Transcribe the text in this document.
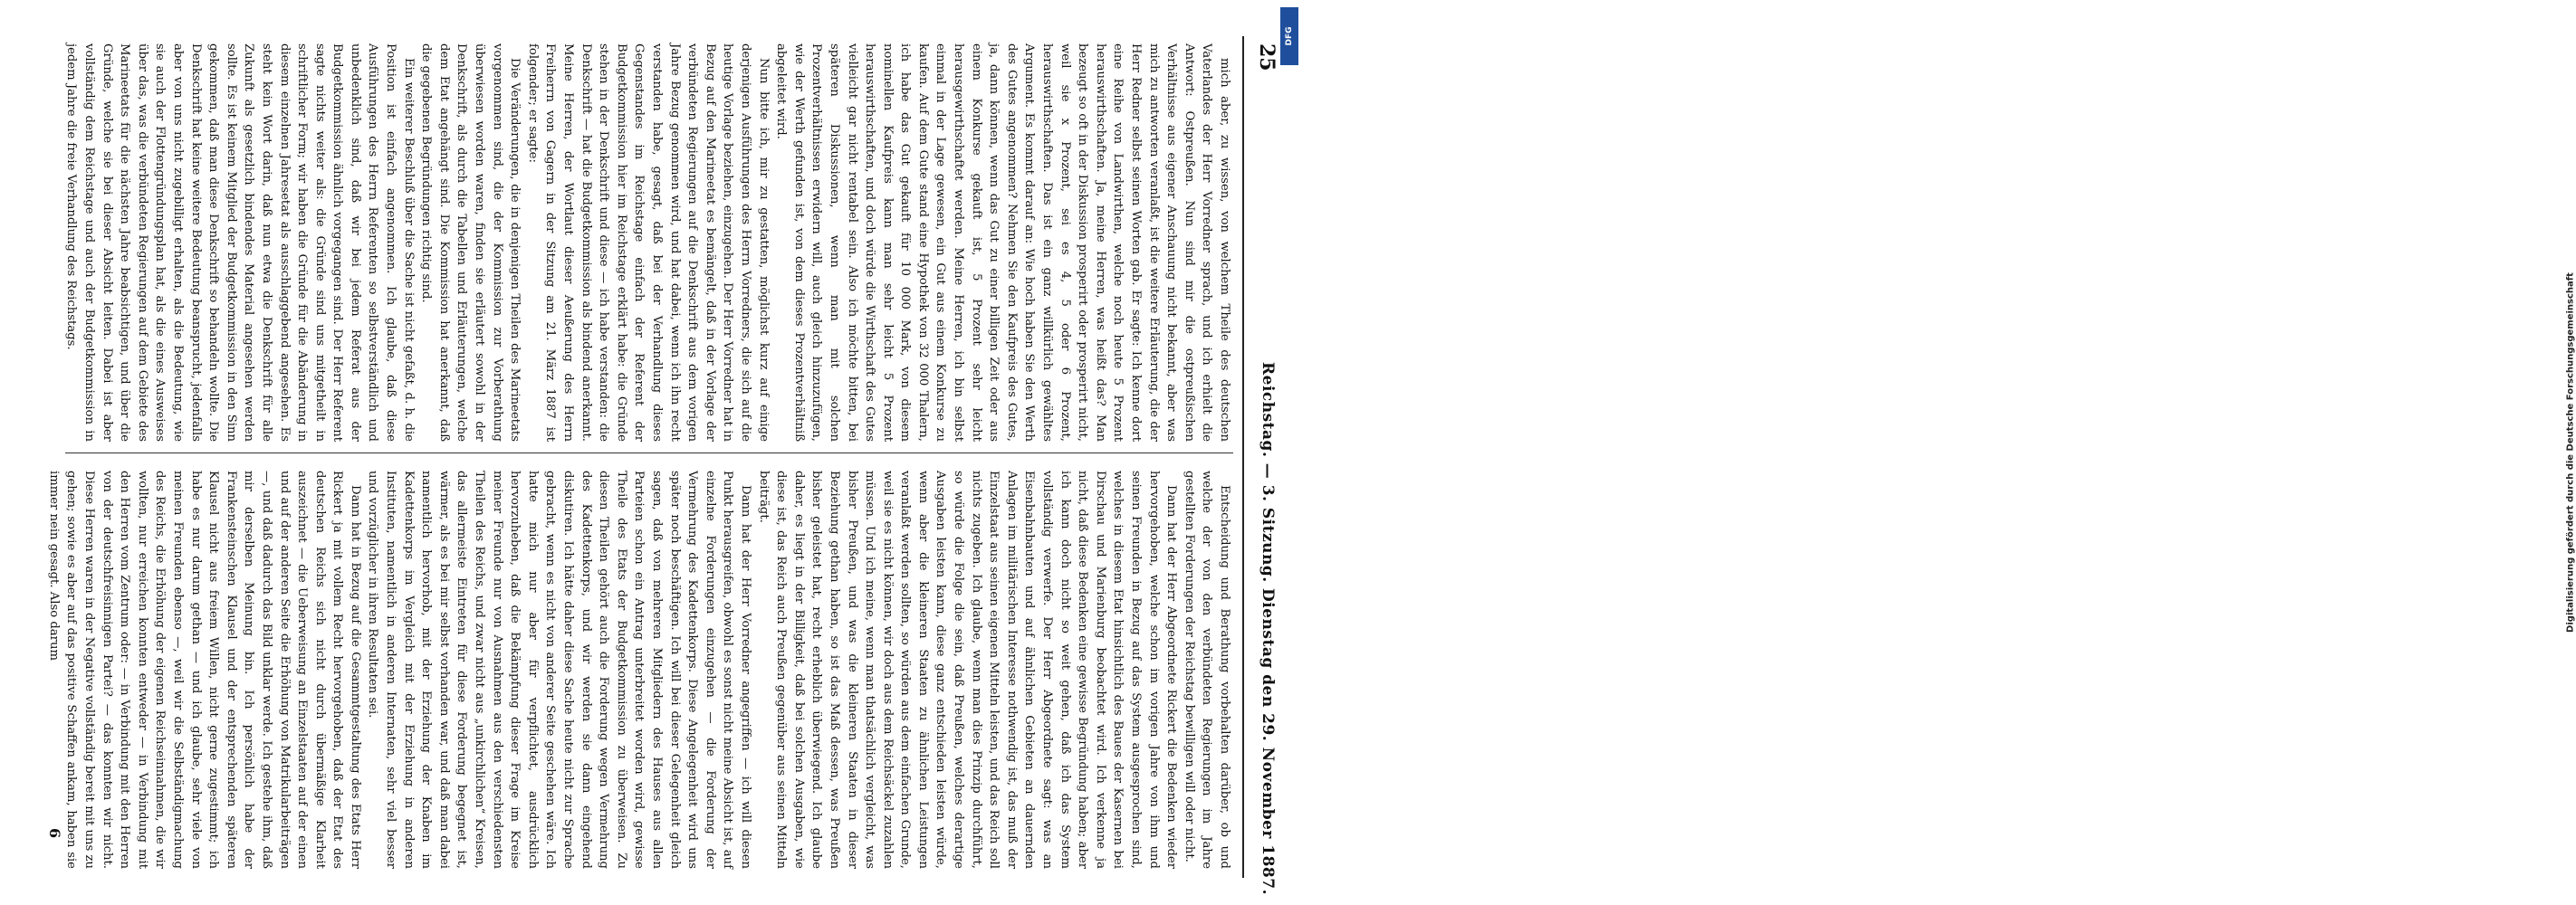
25
Reichstag. — 3. Sitzung. Dienstag den 29. November 1887.

mich aber, zu wissen, von welchem Theile des deutschen Vaterlandes der Herr Vorredner sprach, und ich erhielt die Antwort: Ostpreußen. Nun sind mir die ostpreußischen Verhältnisse aus eigener Anschauung nicht bekannt, aber was mich zu antworten veranlaßt, ist die weitere Erläuterung, die der Herr Redner selbst seinen Worten gab. Er sagte: Ich kenne dort eine Reihe von Landwirthen, welche noch heute 5 Prozent herauswirthschaften. Ja, meine Herren, was heißt das? Man bezeugt so oft in der Diskussion prosperirt oder prosperirt nicht, weil sie x Prozent, sei es 4, 5 oder 6 Prozent, herauswirthschaften. Das ist ein ganz willkürlich gewähltes Argument. Es kommt darauf an: Wie hoch haben Sie den Werth des Gutes angenommen? Nehmen Sie den Kaufpreis des Gutes, ja, dann können, wenn das Gut zu einer billigen Zeit oder aus einem Konkurse gekauft ist, 5 Prozent sehr leicht herausgewirthschaftet werden. Meine Herren, ich bin selbst einmal in der Lage gewesen, ein Gut aus einem Konkurse zu kaufen. Auf dem Gute stand eine Hypothek von 32 000 Thalern, ich habe das Gut gekauft für 10 000 Mark, von diesem nominellen Kaufpreis kann man sehr leicht 5 Prozent herauswirthschaften, und doch würde die Wirthschaft des Gutes vielleicht gar nicht rentabel sein. Also ich möchte bitten, bei späteren Diskussionen, wenn man mit solchen Prozentverhältnissen erwidern will, auch gleich hinzuzufügen, wie der Werth gefunden ist, von dem dieses Prozentverhältniß abgeleitet wird.

Nun bitte ich, mir zu gestatten, möglichst kurz auf einige derjenigen Ausführungen des Herrn Vorredners, die sich auf die heutige Vorlage beziehen, einzugehen. Der Herr Vorredner hat in Bezug auf den Marineetat es bemängelt, daß in der Vorlage der verbündeten Regierungen auf die Denkschrift aus dem vorigen Jahre Bezug genommen wird, und hat dabei, wenn ich ihn recht verstanden habe, gesagt, daß bei der Verhandlung dieses Gegenstandes im Reichstage einfach der Referent der Budgetkommission hier im Reichstage erklärt habe: die Gründe stehen in der Denkschrift und diese — ich habe verstanden: die Denkschrift — hat die Budgetkommission als bindend anerkannt. Meine Herren, der Wortlaut dieser Aeußerung des Herrn Freiherrn von Gagern in der Sitzung am 21. März 1887 ist folgender; er sagte:

Die Veränderungen, die in denjenigen Theilen des Marineetats vorgenommen sind, die der Kommission zur Vorberathung überwiesen worden waren, finden sie erläutert sowohl in der Denkschrift, als durch die Tabellen und Erläuterungen, welche dem Etat angehängt sind. Die Kommission hat anerkannt, daß die gegebenen Begründungen richtig sind.

Ein weiterer Beschluß über die Sache ist nicht gefaßt, d. h. die Position ist einfach angenommen. Ich glaube, daß diese Ausführungen des Herrn Referenten so selbstverständlich und unbedenklich sind, daß wir bei jedem Referat aus der Budgetkommission ähnlich vorgegangen sind. Der Herr Referent sagte nichts weiter als: die Gründe sind uns mitgetheilt in schriftlicher Form; wir haben die Gründe für die Abänderung in diesem einzelnen Jahresetat als ausschlaggebend angesehen. Es steht kein Wort darin, daß nun etwa die Denkschrift für alle Zukunft als gesetzlich bindendes Material angesehen werden sollte. Es ist keinem Mitglied der Budgetkommission in den Sinn gekommen, daß man diese Denkschrift so behandeln wollte. Die Denkschrift hat keine weitere Bedeutung beansprucht, jedenfalls aber von uns nicht zugebilligt erhalten, als die Bedeutung, wie sie auch der Flottengründungsplan hat, als die eines Ausweises über das, was die verbündeten Regierungen auf dem Gebiete des Marineetats für die nächsten Jahre beabsichtigen, und über die Gründe, welche sie bei dieser Absicht leiten. Dabei ist aber vollständig dem Reichstage und auch der Budgetkommission in jedem Jahre die freie Verhandlung des Reichstags.

Entscheidung und Berathung vorbehalten darüber, ob und welche der von den verbündeten Regierungen im Jahre gestellten Forderungen der Reichstag bewilligen will oder nicht.

Dann hat der Herr Abgeordnete Rickert die Bedenken wieder hervorgehoben, welche schon im vorigen Jahre von ihm und seinen Freunden in Bezug auf das System ausgesprochen sind, welches in diesem Etat hinsichtlich des Baues der Kasernen bei Dirschau und Marienburg beobachtet wird. Ich verkenne ja nicht, daß diese Bedenken eine gewisse Begründung haben; aber ich kann doch nicht so weit gehen, daß ich das System vollständig verwerfe. Der Herr Abgeordnete sagt: was an Eisenbahnbauten und auf ähnlichen Gebieten an dauernden Anlagen im militärischen Interesse nothwendig ist, das muß der Einzelstaat aus seinen eigenen Mitteln leisten, und das Reich soll nichts zugeben. Ich glaube, wenn man dies Prinzip durchführt, so würde die Folge die sein, daß Preußen, welches derartige Ausgaben leisten kann, diese ganz entschieden leisten würde, wenn aber die kleineren Staaten zu ähnlichen Leistungen veranlaßt werden sollten, so würden aus dem einfachen Grunde, weil sie es nicht können, wir doch aus dem Reichsäckel zuzahlen müssen. Und ich meine, wenn man thatsächlich vergleicht, was bisher Preußen, und was die kleineren Staaten in dieser Beziehung gethan haben, so ist das Maß dessen, was Preußen bisher geleistet hat, recht erheblich überwiegend. Ich glaube daher, es liegt in der Billigkeit, daß bei solchen Ausgaben, wie diese ist, das Reich auch Preußen gegenüber aus seinen Mitteln beiträgt.

Dann hat der Herr Vorredner angegriffen — ich will diesen Punkt herausgreifen, obwohl es sonst nicht meine Absicht ist, auf einzelne Forderungen einzugehen — die Forderung der Vermehrung des Kadettenkorps. Diese Angelegenheit wird uns später noch beschäftigen. Ich will bei dieser Gelegenheit gleich sagen, daß von mehreren Mitgliedern des Hauses aus allen Parteien schon ein Antrag unterbreitet worden wird, gewisse Theile des Etats der Budgetkommission zu überweisen. Zu diesen Theilen gehört auch die Forderung wegen Vermehrung des Kadettenkorps, und wir werden sie dann eingehend diskutiren. Ich hätte daher diese Sache heute nicht zur Sprache gebracht, wenn es nicht von anderer Seite geschehen wäre. Ich hatte mich nur aber für verpflichtet, ausdrücklich hervorzuheben, daß die Bekämpfung dieser Frage im Kreise meiner Freunde nur von Ausnahmen aus den verschiedensten Theilen des Reichs, und zwar nicht aus „unkirchlichen“ Kreisen, das allermeiste Eintreten für diese Forderung begegnet ist, wärmer, als es bei mir selbst vorhanden war, und daß man dabei namentlich hervorhob, mit der Erziehung der Knaben im Kadettenkorps im Vergleich mit der Erziehung in anderen Instituten, namentlich in anderen Internaten, sehr viel besser und vorzüglicher in ihren Resultaten sei.

Dann hat in Bezug auf die Gesammtgestaltung des Etats Herr Rickert ja mit vollem Recht hervorgehoben, daß der Etat des deutschen Reichs sich nicht durch übermäßige Klarheit auszeichnet — die Ueberweisung an Einzelstaaten auf der einen und auf der anderen Seite die Erhöhung von Matrikularbeiträgen —, und daß dadurch das Bild unklar werde. Ich gestehe ihm, daß mir derselben Meinung bin. Ich persönlich habe der Frankensteinschen Klausel und der entsprechenden späteren Klausel nicht aus freiem Willen, nicht gerne zugestimmt; ich habe es nur darum gethan — und ich glaube, sehr viele von meinen Freunden ebenso —, weil wir die Selbständigmachung des Reichs, die Erhöhung der eigenen Reichseinnahmen, die wir wollten, nur erreichen konnten entweder — in Verbindung mit den Herren vom Zentrum oder: — in Verbindung mit den Herren von der deutschfreisinnigen Partei? — das konnten wir nicht. Diese Herren waren in der Negative vollständig bereit mit uns zu gehen; sowie es aber auf das positive Schaffen ankam, haben sie immer nein gesagt. Also darum

6
Digitalisierung gefördert durch die Deutsche Forschungsgemeinschaft
DFG
